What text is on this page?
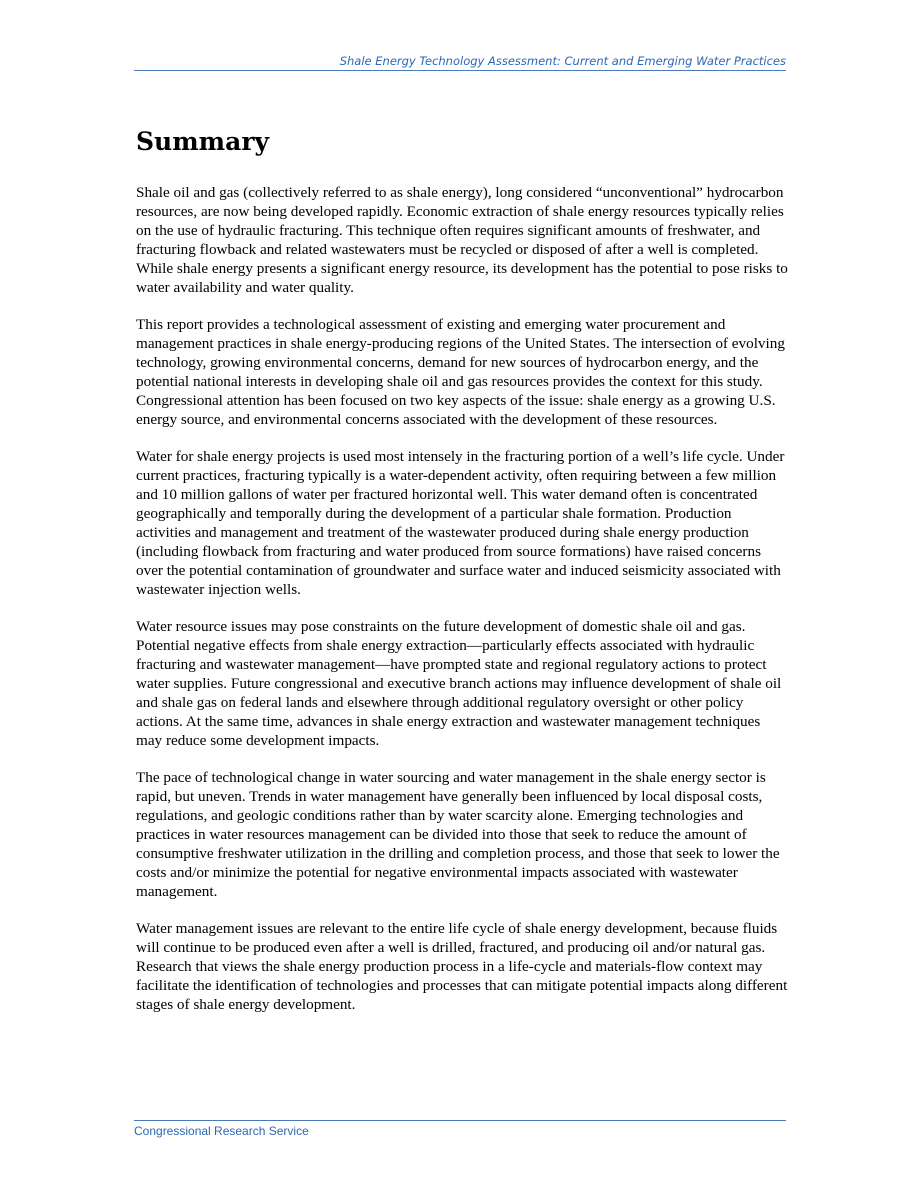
Shale Energy Technology Assessment: Current and Emerging Water Practices
Summary

Shale oil and gas (collectively referred to as shale energy), long considered “unconventional” hydrocarbon resources, are now being developed rapidly. Economic extraction of shale energy resources typically relies on the use of hydraulic fracturing. This technique often requires significant amounts of freshwater, and fracturing flowback and related wastewaters must be recycled or disposed of after a well is completed. While shale energy presents a significant energy resource, its development has the potential to pose risks to water availability and water quality.

This report provides a technological assessment of existing and emerging water procurement and management practices in shale energy-producing regions of the United States. The intersection of evolving technology, growing environmental concerns, demand for new sources of hydrocarbon energy, and the potential national interests in developing shale oil and gas resources provides the context for this study. Congressional attention has been focused on two key aspects of the issue: shale energy as a growing U.S. energy source, and environmental concerns associated with the development of these resources.

Water for shale energy projects is used most intensely in the fracturing portion of a well’s life cycle. Under current practices, fracturing typically is a water-dependent activity, often requiring between a few million and 10 million gallons of water per fractured horizontal well. This water demand often is concentrated geographically and temporally during the development of a particular shale formation. Production activities and management and treatment of the wastewater produced during shale energy production (including flowback from fracturing and water produced from source formations) have raised concerns over the potential contamination of groundwater and surface water and induced seismicity associated with wastewater injection wells.

Water resource issues may pose constraints on the future development of domestic shale oil and gas. Potential negative effects from shale energy extraction—particularly effects associated with hydraulic fracturing and wastewater management—have prompted state and regional regulatory actions to protect water supplies. Future congressional and executive branch actions may influence development of shale oil and shale gas on federal lands and elsewhere through additional regulatory oversight or other policy actions. At the same time, advances in shale energy extraction and wastewater management techniques may reduce some development impacts.

The pace of technological change in water sourcing and water management in the shale energy sector is rapid, but uneven. Trends in water management have generally been influenced by local disposal costs, regulations, and geologic conditions rather than by water scarcity alone. Emerging technologies and practices in water resources management can be divided into those that seek to reduce the amount of consumptive freshwater utilization in the drilling and completion process, and those that seek to lower the costs and/or minimize the potential for negative environmental impacts associated with wastewater management.

Water management issues are relevant to the entire life cycle of shale energy development, because fluids will continue to be produced even after a well is drilled, fractured, and producing oil and/or natural gas. Research that views the shale energy production process in a life-cycle and materials-flow context may facilitate the identification of technologies and processes that can mitigate potential impacts along different stages of shale energy development.

Congressional Research Service
